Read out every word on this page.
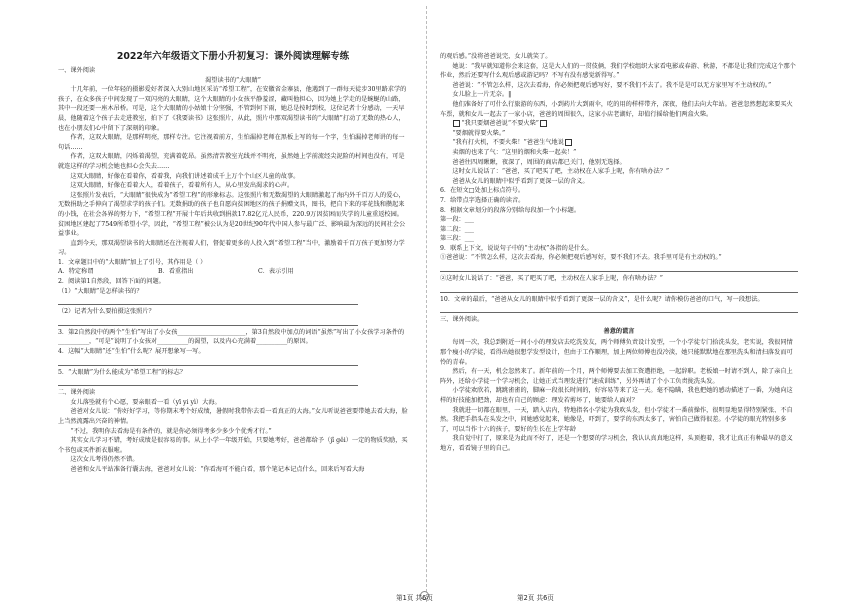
2022年六年级语文下册小升初复习：课外阅读理解专练

一、课外阅读

渴望读书的“大眼睛”

十几年前，一位年轻的摄影爱好者深入大别山地区采访“希望工程”，在安徽省金寨县，他遇到了一群每天徒步30里路求学的孩子，在众多孩子中间发现了一双闪亮的大眼睛，这个大眼睛的小女孩平静羞涩，藏叫他担心，因为她上学走的是蜿蜒的山路，其中一段还要一座木吊桥。可是，这个大眼睛的小姑娘十分坚强，不管到何下雨，她总是按时到校，这位记者十分感动，一天早晨，他随着这个孩子去走进教室，拍下了《我要读书》这张照片，从此，照片中那双渴望读书的“大眼睛”打动了无数的热心人，也在小朋友们心中留下了深刻的印象。

作者，这双大眼睛，是那样明亮，那样专注。它注视着前方，生怕漏掉老师在黑板上写的每一个字，生怕漏掉老师讲的每一句话……

作者，这双大眼睛，闪烁着渴望，充满着乾昂。虽然清苦教室光线并不明亮，虽然她上学前流经尖泥险的村间也没有，可是就连这样的学习机会她也担心会失去……

这双大眼睛，好像在看着你，看着我，向我们讲述着成千上万个个山区儿童的故事。

这双大眼睛，好像在看着大人，看着孩子，看着所有人，从心里发出渴求的心声。

这张照片发表后，“大眼睛”很快成为“希望工程”的形象标志。这张照片和无数渴望的大眼睛激起了海内外千百万人的爱心，无数捐助之手伸向了渴望求学的孩子们。无数捐助的孩子也自愿向贫困地区的孩子捐赠文具，图书，把自下来的零花钱和攒起来的小钱，在社会各界的努力下，“希望工程”开展十年后共收到捐款17.82亿元人民币，220.9万因贫困而失学的儿童重返校园。贫困地区建起了7549所希望小学，因此，“希望工程”被公认为是20世纪90年代中国人参与最广泛、影响最为深远的民间社会公益事业。

直到今天，那双渴望读书的大眼睛还在注视着人们，督促着更多的人投入到“希望工程”当中，激励着千百万孩子更加努力学习。

1．文章题目中的“大眼睛”加上了引号，其作用是（ ）

A．特定称谓	B．看重指出	C．表示引用

2．阅读第1自然段，回答下面的问题。

（1）“大眼睛”是怎样读书的？

（2）记者为什么要拍摄这张照片？

3．第2自然段中的两个“生怕”写出了小女孩______________________，第3自然段中加点的词语“虽然”写出了小女孩学习条件的__________，“可是”说明了小女孩对__________的渴望，以及内心充满着__________的原因。

4．这幅“大眼睛”还“生怕”什么呢？展开想象写一写。

5．“大眼睛”为什么能成为“希望工程”的标志？

二、课外阅读

女儿落坠就有个心愿，要亲眼看一看（yī yi yì）大海。

爸爸对女儿说：“你好好学习，等你期末考个好成绩，暑假时我带你去看一看真正的大海。”女儿听说爸爸要带她去看大海，脸上当然流露出兴奋的神情。

“不过，我明你去看海是有条件的，就是你必须得考多少多少个优秀才行。”

其实女儿学习不错，考好成绩是很容易的事。从上小学一年级开始，只要她考好，爸爸都给予（jǐ gěi）一定的物质奖励，买个书包或买件新衣服啦。

这次女儿考得仍然不错。

爸爸和女儿平站准备行囊去海，爸爸对女儿说：“你看海可不能白看，那个笔记本记点什么，回来后写看大海

的观后感。”没将爸爸说完，女儿就笑了。

她说：“我早就知道你会来这套，这是大人们的一贯伎俩，我们学校组织大家看电影或春游、秋游，不都是让我们完成这个那个作业，然后还要写什么观后感或游记吗？不写有没有感觉新得写。”

爸爸说：“不管怎么样，这次去看海，你必须把观后感写好，要不我们不去了。我不是是可以无方家里写不主动权的。”

女儿脸上一片无奈。‖

他们准备好了可什么行旅游的东西，小到药片大到雨伞，吃的用的样样带齐，深夜，他们去向大年站。爸爸忽然想起来要买火车票，就和女儿一起去了一家小店，爸爸的周围很久，这家小店老湖好，却值行摇给他们两盒火柴。

“我只要烟爸爸说“不要火柴”

“要烟就得要火柴。”

“我有打火机，不要火柴！”爸爸生气地说

卖烟的也来了气：“这里的烟和火柴一起卖！”

爸爸往四周瞅瞅，夜深了，周围的商店都已关门，他别无选择。

这时女儿说话了：“爸爸，买了吧买了吧，主动权在人家手上呢，你有啥办法？”

爸爸从女儿的眼睛中似乎看到了更深一层的含义。

6．在短文□处加上标点符号。

7．给带点字选择正确的读音。

8．根据文章划分的段落分别给每段加一个小标题。

第一段：___

第二段：___

第三段：___

9．联系上下文，说说句子中的“主动权”各指的是什么。

①爸爸说：“不管怎么样，这次去看海，你必须把观后感写好，要不我们不去。我手里可是有主动权的。”

②这时女儿说话了：“爸爸，买了吧买了吧，主动权在人家手上呢，你有啥办法？”

10．文章的最后，“爸爸从女儿的眼睛中似乎看到了更深一层的含义”，是什么呢？请你模仿爸爸的口气，写一段想法。

三、课外阅读。

善意的谎言

每周一次，我总到附近一间小小的理发店去吃洗发友，两个师傅负责设计发型，一个小学徒专门拾洗头发，老实说，我很同情那个瘦小的学徒，看得出她很想学发型设计，但由于工作顺理，加上两位师傅也没冷淡，她只能默默地在那里洗头和清扫落发而可怜的青春。

然后，有一天，机会忽然来了。新年前的一个月，两个师傅要去加工资遭拒绝，一起辞职。老板娘一时请不到人，除了亲自上阵外，还给小学徒一个学习机会，让她正式当理发进行“速成训练”，另外再请了个小工负责拢洗头发。

小学徒欢欣若，跳跳雀雀的，脚麻一段很长时间的，好容易等来了这一天。毫不隐瞒，我也把她的感动描述了一番，为她向这样的好技能加把劲，却也有自己的顾虑：理发若剪坏了，她要给人面对？

我就进一切都在眼里，一天，踏入店内，特地指名小学徒为我吹头发，但小学徒才一番前操作，很明显地显得特别紧张、不自然。我把手指头在头发之中，问她感觉起来，她像是，吓到了，要学的东西太多了，害怕自己做得很差。小学徒的眼光特别多多了，可以当作十六的孩子，要好的生长在上学年龄

我自觉中打了，原来是为此而不好了，还是一个想要的学习机会，我认认真真地这样，头顶抱着，我才让真正有种最早的意义地方，看看镜子里的自己。

第1页 共6页	第2页 共6页
